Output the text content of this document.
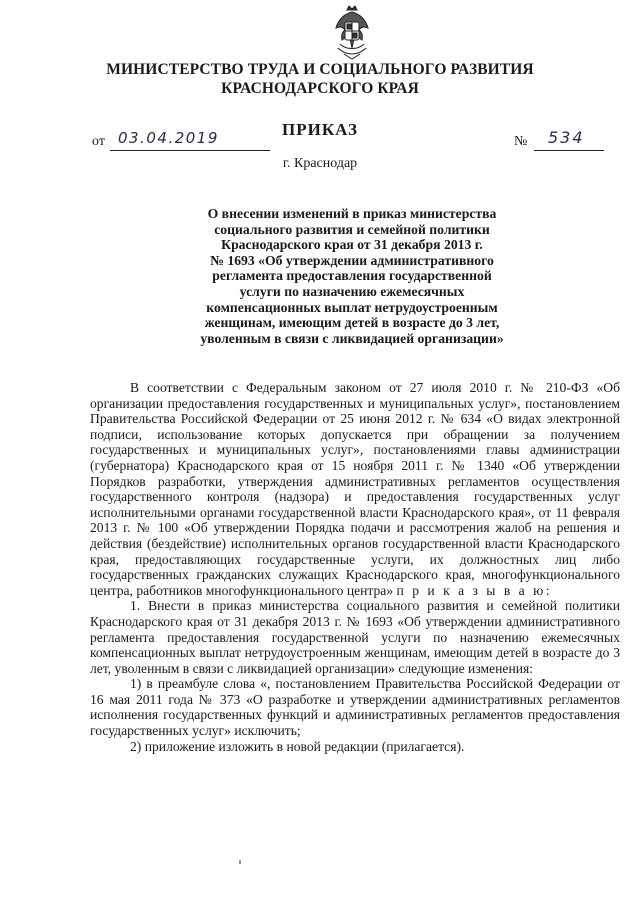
МИНИСТЕРСТВО ТРУДА И СОЦИАЛЬНОГО РАЗВИТИЯ
КРАСНОДАРСКОГО КРАЯ
ПРИКАЗ
от 03.04.2019	№	534
г. Краснодар
О внесении изменений в приказ министерства
социального развития и семейной политики
Краснодарского края от 31 декабря 2013 г.
№ 1693 «Об утверждении административного
регламента предоставления государственной
услуги по назначению ежемесячных
компенсационных выплат нетрудоустроенным
женщинам, имеющим детей в возрасте до 3 лет,
уволенным в связи с ликвидацией организации»

В соответствии с Федеральным законом от 27 июля 2010 г. № 210-ФЗ «Об организации предоставления государственных и муниципальных услуг», постановлением Правительства Российской Федерации от 25 июня 2012 г. № 634 «О видах электронной подписи, использование которых допускается при обращении за получением государственных и муниципальных услуг», постановлениями главы администрации (губернатора) Краснодарского края от 15 ноября 2011 г. № 1340 «Об утверждении Порядков разработки, утверждения административных регламентов осуществления государственного контроля (надзора) и предоставления государственных услуг исполнительными органами государственной власти Краснодарского края», от 11 февраля 2013 г. № 100 «Об утверждении Порядка подачи и рассмотрения жалоб на решения и действия (бездействие) исполнительных органов государственной власти Краснодарского края, предоставляющих государственные услуги, их должностных лиц либо государственных гражданских служащих Краснодарского края, многофункционального центра, работников многофункционального центра» п р и к а з ы в а ю:

1. Внести в приказ министерства социального развития и семейной политики Краснодарского края от 31 декабря 2013 г. № 1693 «Об утверждении административного регламента предоставления государственной услуги по назначению ежемесячных компенсационных выплат нетрудоустроенным женщинам, имеющим детей в возрасте до 3 лет, уволенным в связи с ликвидацией организации» следующие изменения:

1) в преамбуле слова «, постановлением Правительства Российской Федерации от 16 мая 2011 года № 373 «О разработке и утверждении административных регламентов исполнения государственных функций и административных регламентов предоставления государственных услуг» исключить;

2) приложение изложить в новой редакции (прилагается).
